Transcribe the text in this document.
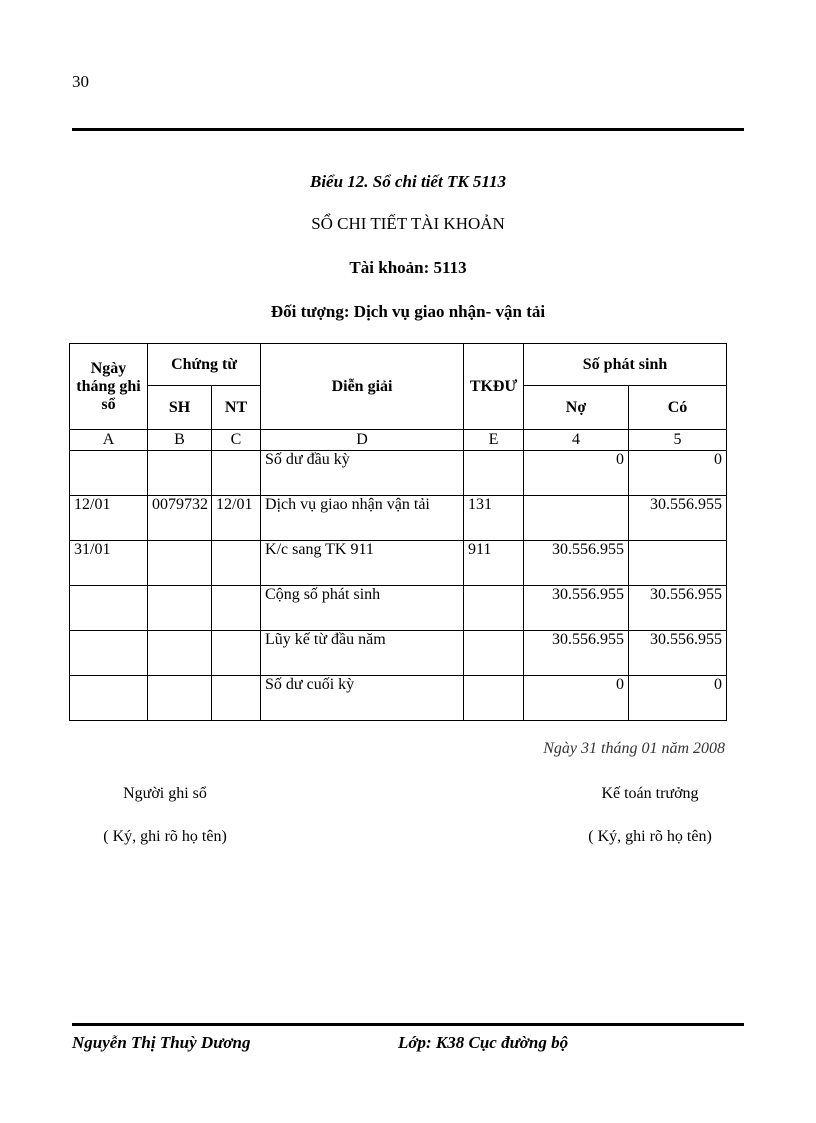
30
Biểu 12. Sổ chi tiết TK 5113
SỔ CHI TIẾT TÀI KHOẢN
Tài khoản: 5113
Đối tượng: Dịch vụ giao nhận- vận tải
Ngày tháng ghi sổ	Chứng từ		Diễn giải	TKĐƯ	Số phát sinh	
	SH	NT			Nợ	Có
A	B	C	D	E	4	5
			Số dư đầu kỳ		0	0
12/01	0079732	12/01	Dịch vụ giao nhận vận tải	131		30.556.955
31/01			K/c sang TK 911	911	30.556.955	
			Cộng số phát sinh		30.556.955	30.556.955
			Lũy kế từ đầu năm		30.556.955	30.556.955
			Số dư cuối kỳ		0	0
Ngày 31 tháng 01 năm 2008
Người ghi sổ
( Ký, ghi rõ họ tên)
Kế toán trưởng
( Ký, ghi rõ họ tên)
Nguyễn Thị Thuỳ Dương	Lớp: K38 Cục đường bộ
